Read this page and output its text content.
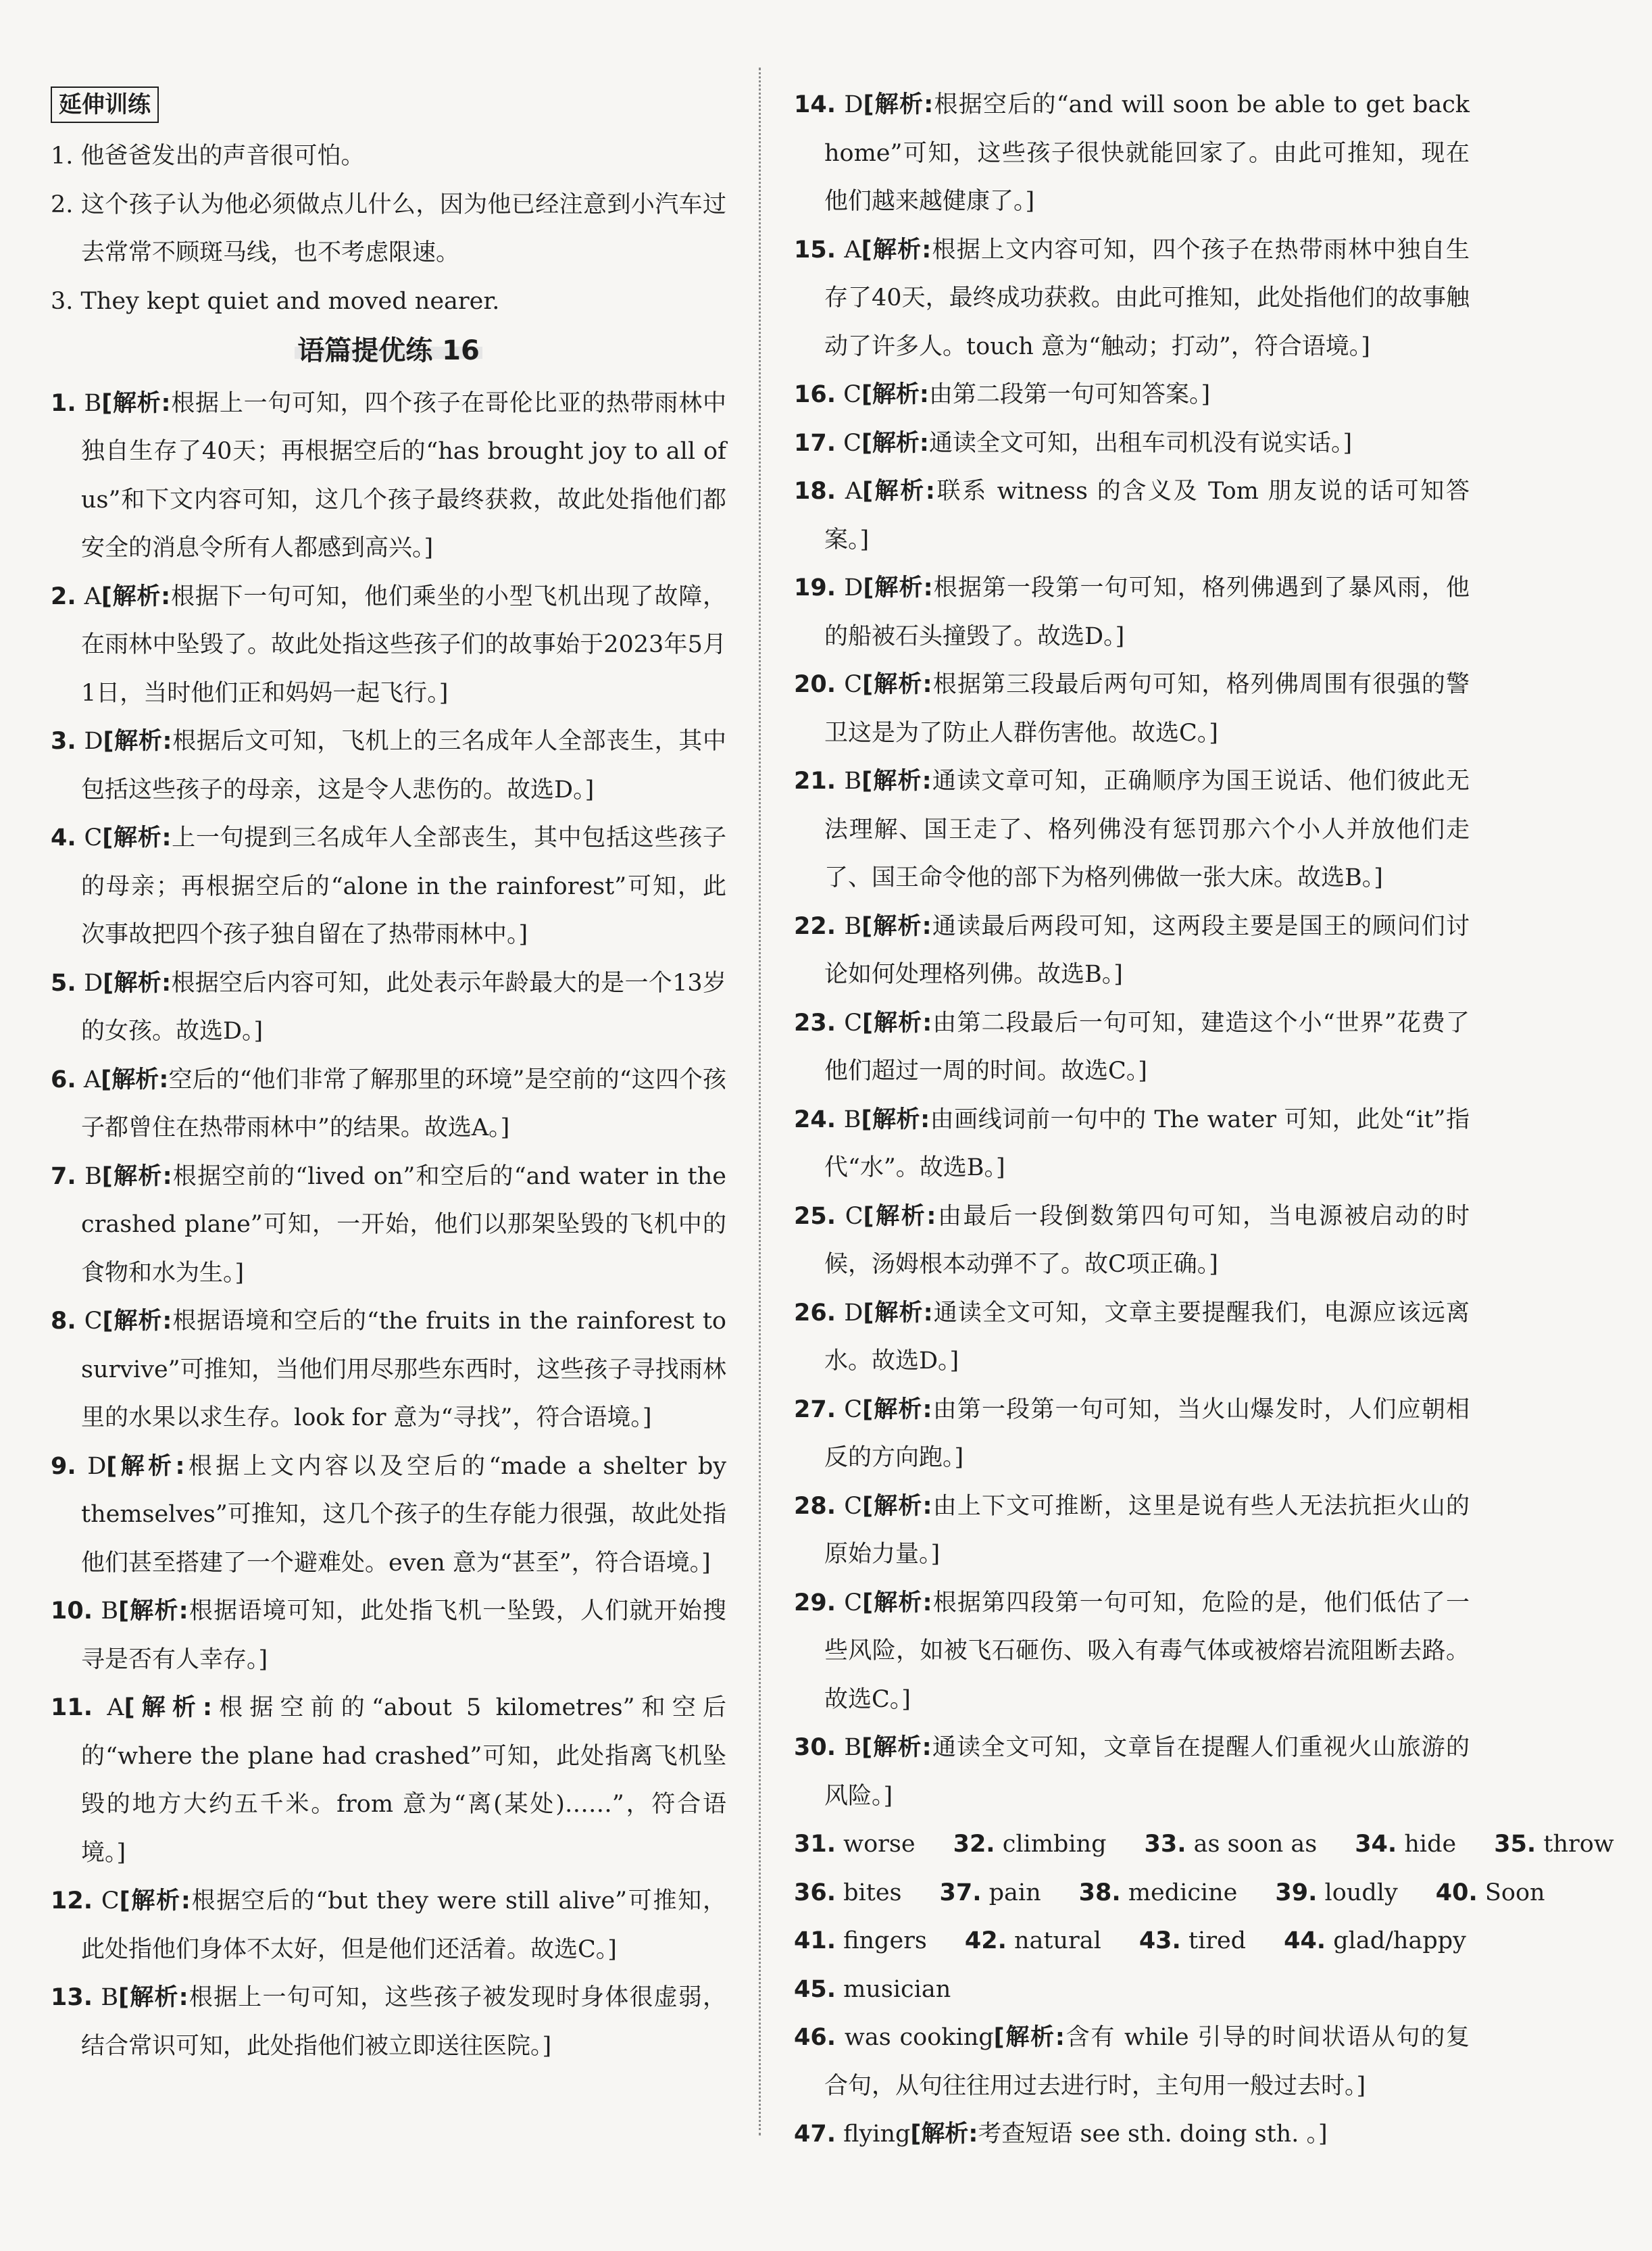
延伸训练
1. 他爸爸发出的声音很可怕。
2. 这个孩子认为他必须做点儿什么，因为他已经注意到小汽车过去常常不顾斑马线，也不考虑限速。
3. They kept quiet and moved nearer.
语篇提优练 16
1. B[解析:根据上一句可知，四个孩子在哥伦比亚的热带雨林中独自生存了40天；再根据空后的“has brought joy to all of us”和下文内容可知，这几个孩子最终获救，故此处指他们都安全的消息令所有人都感到高兴。]
2. A[解析:根据下一句可知，他们乘坐的小型飞机出现了故障，在雨林中坠毁了。故此处指这些孩子们的故事始于2023年5月1日，当时他们正和妈妈一起飞行。]
3. D[解析:根据后文可知，飞机上的三名成年人全部丧生，其中包括这些孩子的母亲，这是令人悲伤的。故选D。]
4. C[解析:上一句提到三名成年人全部丧生，其中包括这些孩子的母亲；再根据空后的“alone in the rainforest”可知，此次事故把四个孩子独自留在了热带雨林中。]
5. D[解析:根据空后内容可知，此处表示年龄最大的是一个13岁的女孩。故选D。]
6. A[解析:空后的“他们非常了解那里的环境”是空前的“这四个孩子都曾住在热带雨林中”的结果。故选A。]
7. B[解析:根据空前的“lived on”和空后的“and water in the crashed plane”可知，一开始，他们以那架坠毁的飞机中的食物和水为生。]
8. C[解析:根据语境和空后的“the fruits in the rainforest to survive”可推知，当他们用尽那些东西时，这些孩子寻找雨林里的水果以求生存。look for 意为“寻找”，符合语境。]
9. D[解析:根据上文内容以及空后的“made a shelter by themselves”可推知，这几个孩子的生存能力很强，故此处指他们甚至搭建了一个避难处。even 意为“甚至”，符合语境。]
10. B[解析:根据语境可知，此处指飞机一坠毁，人们就开始搜寻是否有人幸存。]
11. A[解析:根据空前的“about 5 kilometres”和空后的“where the plane had crashed”可知，此处指离飞机坠毁的地方大约五千米。from 意为“离(某处)……”，符合语境。]
12. C[解析:根据空后的“but they were still alive”可推知，此处指他们身体不太好，但是他们还活着。故选C。]
13. B[解析:根据上一句可知，这些孩子被发现时身体很虚弱，结合常识可知，此处指他们被立即送往医院。]
14. D[解析:根据空后的“and will soon be able to get back home”可知，这些孩子很快就能回家了。由此可推知，现在他们越来越健康了。]
15. A[解析:根据上文内容可知，四个孩子在热带雨林中独自生存了40天，最终成功获救。由此可推知，此处指他们的故事触动了许多人。touch 意为“触动；打动”，符合语境。]
16. C[解析:由第二段第一句可知答案。]
17. C[解析:通读全文可知，出租车司机没有说实话。]
18. A[解析:联系 witness 的含义及 Tom 朋友说的话可知答案。]
19. D[解析:根据第一段第一句可知，格列佛遇到了暴风雨，他的船被石头撞毁了。故选D。]
20. C[解析:根据第三段最后两句可知，格列佛周围有很强的警卫这是为了防止人群伤害他。故选C。]
21. B[解析:通读文章可知，正确顺序为国王说话、他们彼此无法理解、国王走了、格列佛没有惩罚那六个小人并放他们走了、国王命令他的部下为格列佛做一张大床。故选B。]
22. B[解析:通读最后两段可知，这两段主要是国王的顾问们讨论如何处理格列佛。故选B。]
23. C[解析:由第二段最后一句可知，建造这个小“世界”花费了他们超过一周的时间。故选C。]
24. B[解析:由画线词前一句中的 The water 可知，此处“it”指代“水”。故选B。]
25. C[解析:由最后一段倒数第四句可知，当电源被启动的时候，汤姆根本动弹不了。故C项正确。]
26. D[解析:通读全文可知，文章主要提醒我们，电源应该远离水。故选D。]
27. C[解析:由第一段第一句可知，当火山爆发时，人们应朝相反的方向跑。]
28. C[解析:由上下文可推断，这里是说有些人无法抗拒火山的原始力量。]
29. C[解析:根据第四段第一句可知，危险的是，他们低估了一些风险，如被飞石砸伤、吸入有毒气体或被熔岩流阻断去路。故选C。]
30. B[解析:通读全文可知，文章旨在提醒人们重视火山旅游的风险。]
31. worse 32. climbing 33. as soon as 34. hide 35. throw
36. bites 37. pain 38. medicine 39. loudly 40. Soon
41. fingers 42. natural 43. tired 44. glad/happy
45. musician
46. was cooking[解析:含有 while 引导的时间状语从句的复合句，从句往往用过去进行时，主句用一般过去时。]
47. flying[解析:考查短语 see sth. doing sth. 。]
